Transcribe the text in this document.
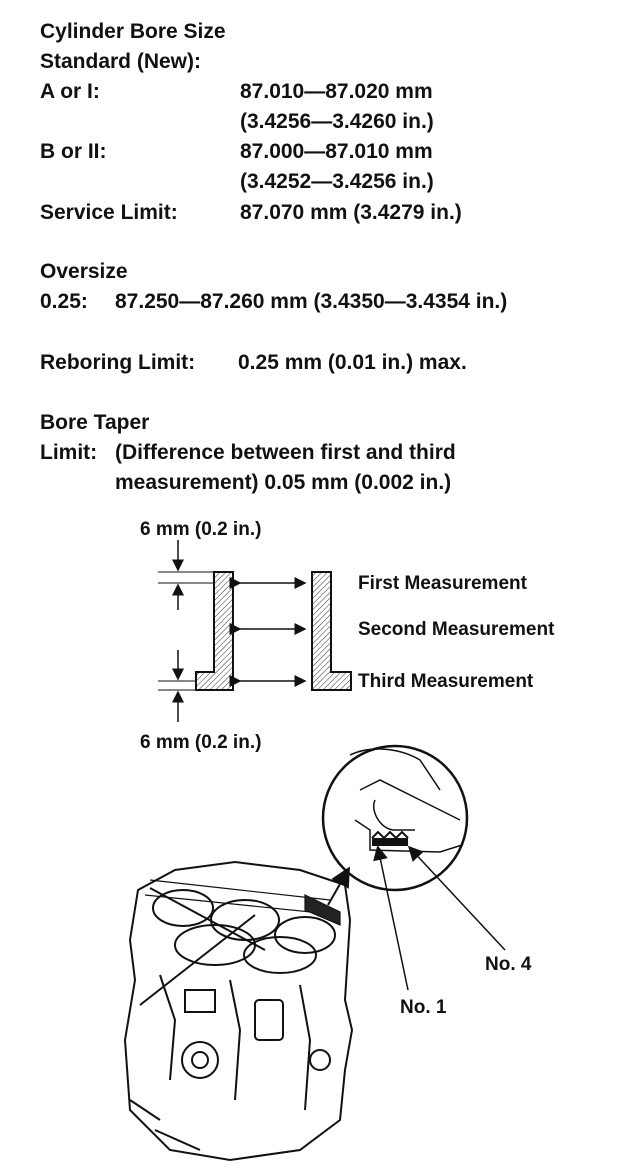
Cylinder Bore Size
Standard (New):
A or I:	87.010—87.020 mm
(3.4256—3.4260 in.)
B or II:	87.000—87.010 mm
(3.4252—3.4256 in.)
Service Limit:	87.070 mm (3.4279 in.)
Oversize
0.25: 87.250—87.260 mm (3.4350—3.4354 in.)
Reboring Limit: 0.25 mm (0.01 in.) max.
Bore Taper
Limit: (Difference between first and third
measurement) 0.05 mm (0.002 in.)
6 mm (0.2 in.)
6 mm (0.2 in.)
First Measurement
Second Measurement
Third Measurement
No. 1
No. 4
